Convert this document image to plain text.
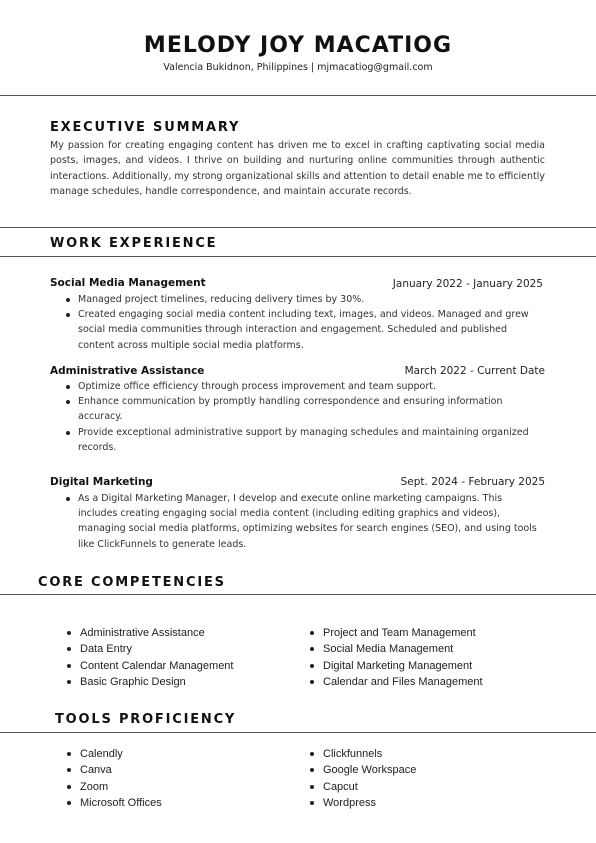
MELODY JOY MACATIOG
Valencia Bukidnon, Philippines | mjmacatiog@gmail.com
EXECUTIVE SUMMARY

My passion for creating engaging content has driven me to excel in crafting captivating social media posts, images, and videos. I thrive on building and nurturing online communities through authentic interactions. Additionally, my strong organizational skills and attention to detail enable me to efficiently manage schedules, handle correspondence, and maintain accurate records.

WORK EXPERIENCE
Social Media Management	January 2022 - January 2025
Managed project timelines, reducing delivery times by 30%.
Created engaging social media content including text, images, and videos. Managed and grew social media communities through interaction and engagement. Scheduled and published content across multiple social media platforms.
Administrative Assistance	March 2022 - Current Date
Optimize office efficiency through process improvement and team support.
Enhance communication by promptly handling correspondence and ensuring information accuracy.
Provide exceptional administrative support by managing schedules and maintaining organized records.
Digital Marketing	Sept. 2024 - February 2025
As a Digital Marketing Manager, I develop and execute online marketing campaigns. This includes creating engaging social media content (including editing graphics and videos), managing social media platforms, optimizing websites for search engines (SEO), and using tools like ClickFunnels to generate leads.
CORE COMPETENCIES
Administrative Assistance
Data Entry
Content Calendar Management
Basic Graphic Design
Project and Team Management
Social Media Management
Digital Marketing Management
Calendar and Files Management
TOOLS PROFICIENCY
Calendly
Canva
Zoom
Microsoft Offices
Clickfunnels
Google Workspace
Capcut
Wordpress
